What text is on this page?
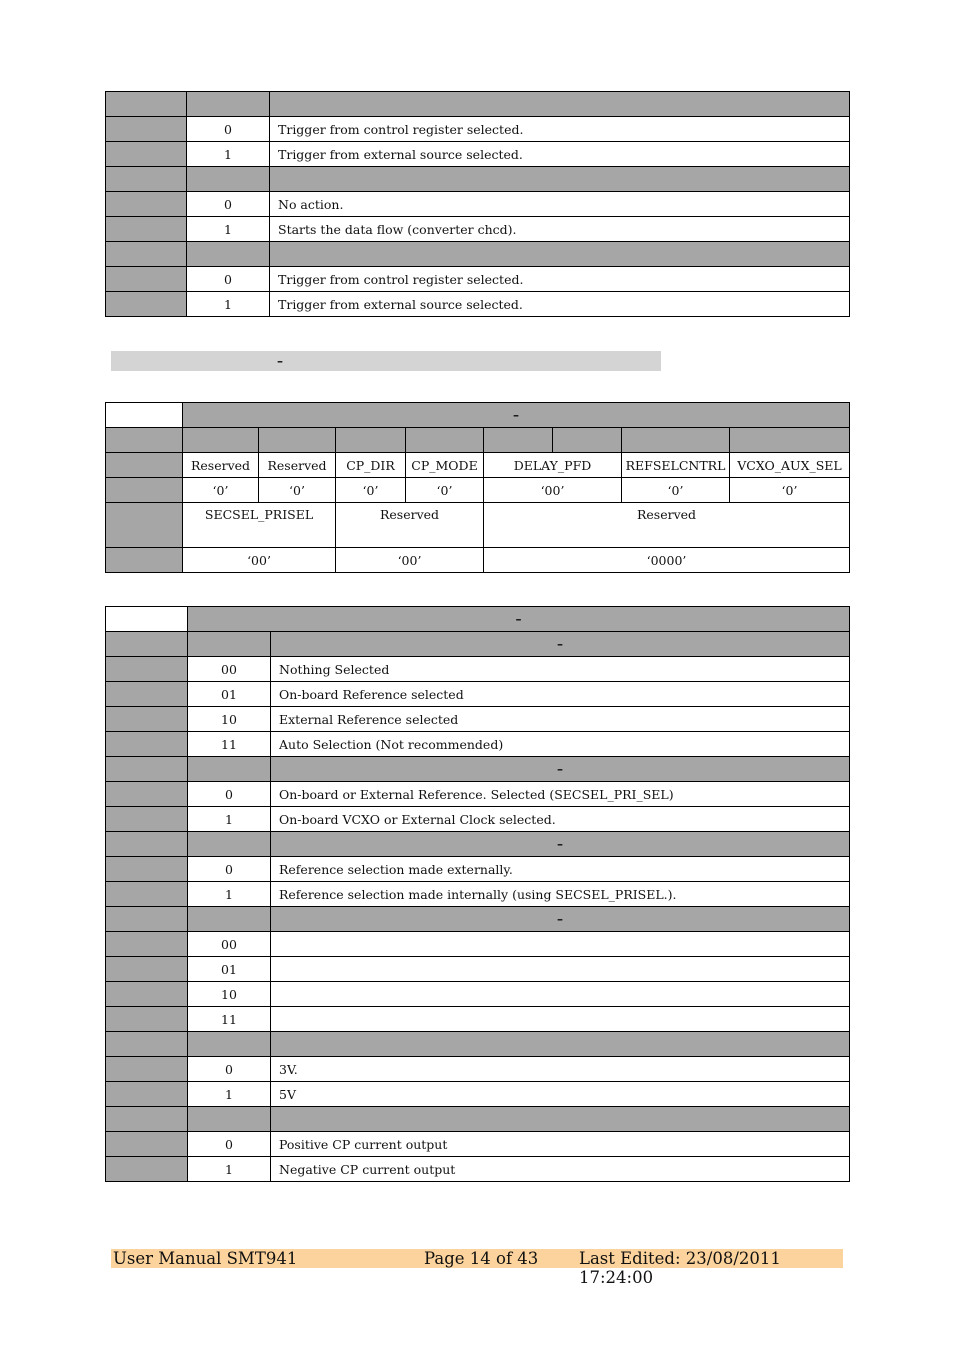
	0	Trigger from control register selected.
	1	Trigger from external source selected.

	0	No action.
	1	Starts the data flow (converter chcd).

	0	Trigger from control register selected.
	1	Trigger from external source selected.
–
	–							

	Reserved	Reserved	CP_DIR	CP_MODE	DELAY_PFD		REFSELCNTRL	VCXO_AUX_SEL
	‘0’	‘0’	‘0’	‘0’	‘00’		‘0’	‘0’
	SECSEL_PRISEL		Reserved		Reserved			
	‘00’		‘00’		‘0000’			
	–	
		–
	00	Nothing Selected
	01	On-board Reference selected
	10	External Reference selected
	11	Auto Selection (Not recommended)
		–
	0	On-board or External Reference. Selected (SECSEL_PRI_SEL)
	1	On-board VCXO or External Clock selected.
		–
	0	Reference selection made externally.
	1	Reference selection made internally (using SECSEL_PRISEL.).
		–
	00	
	01	
	10	
	11	

	0	3V.
	1	5V

	0	Positive CP current output
	1	Negative CP current output
User Manual SMT941	Page 14 of 43 Last Edited: 23/08/2011 17:24:00
